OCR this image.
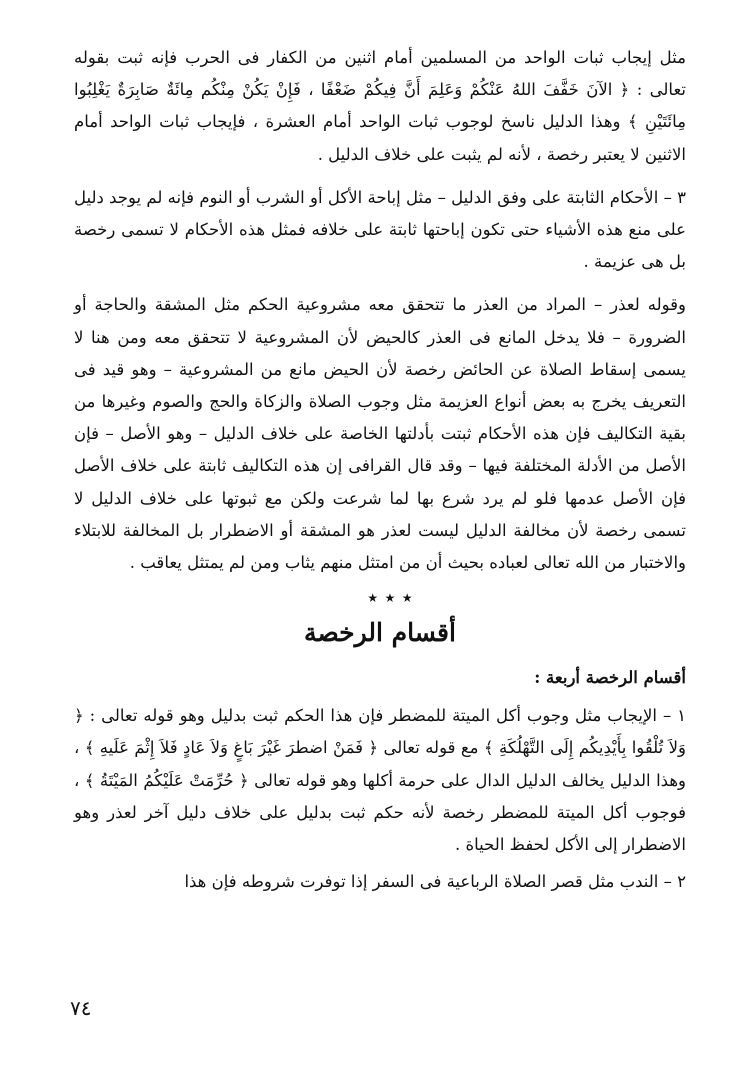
مثل إيجاب ثبات الواحد من المسلمين أمام اثنين من الكفار فى الحرب فإنه ثبت بقوله تعالى : ﴿ الآنَ خَفَّفَ اللهُ عَنْكُمْ وَعَلِمَ أَنَّ فِيكُمْ ضَعْفًا ، فَإِنْ يَكُنْ مِنْكُم مِائَةٌ صَابِرَةٌ يَغْلِبُوا مِائَتَيْنِ ﴾ وهذا الدليل ناسخ لوجوب ثبات الواحد أمام العشرة ، فإيجاب ثبات الواحد أمام الاثنين لا يعتبر رخصة ، لأنه لم يثبت على خلاف الدليل .

٣ – الأحكام الثابتة على وفق الدليل – مثل إباحة الأكل أو الشرب أو النوم فإنه لم يوجد دليل على منع هذه الأشياء حتى تكون إباحتها ثابتة على خلافه فمثل هذه الأحكام لا تسمى رخصة بل هى عزيمة .

وقوله لعذر – المراد من العذر ما تتحقق معه مشروعية الحكم مثل المشقة والحاجة أو الضرورة – فلا يدخل المانع فى العذر كالحيض لأن المشروعية لا تتحقق معه ومن هنا لا يسمى إسقاط الصلاة عن الحائض رخصة لأن الحيض مانع من المشروعية – وهو قيد فى التعريف يخرج به بعض أنواع العزيمة مثل وجوب الصلاة والزكاة والحج والصوم وغيرها من بقية التكاليف فإن هذه الأحكام ثبتت بأدلتها الخاصة على خلاف الدليل – وهو الأصل – فإن الأصل من الأدلة المختلفة فيها – وقد قال القرافى إن هذه التكاليف ثابتة على خلاف الأصل فإن الأصل عدمها فلو لم يرد شرع بها لما شرعت ولكن مع ثبوتها على خلاف الدليل لا تسمى رخصة لأن مخالفة الدليل ليست لعذر هو المشقة أو الاضطرار بل المخالفة للابتلاء والاختبار من الله تعالى لعباده بحيث أن من امتثل منهم يثاب ومن لم يمتثل يعاقب .

٭ ٭ ٭
أقسام الرخصة
أقسام الرخصة أربعة :

١ – الإيجاب مثل وجوب أكل الميتة للمضطر فإن هذا الحكم ثبت بدليل وهو قوله تعالى : ﴿ وَلاَ تُلْقُوا بِأَيْدِيكُم إِلَى التَّهْلُكَةِ ﴾ مع قوله تعالى ﴿ فَمَنْ اضطرَ غَيْرَ بَاغٍ وَلاَ عَادٍ فَلاَ إِثْمَ عَلَيهِ ﴾ ، وهذا الدليل يخالف الدليل الدال على حرمة أكلها وهو قوله تعالى ﴿ حُرِّمَتْ عَلَيْكُمُ المَيْتَةُ ﴾ ، فوجوب أكل الميتة للمضطر رخصة لأنه حكم ثبت بدليل على خلاف دليل آخر لعذر وهو الاضطرار إلى الأكل لحفظ الحياة .

٢ – الندب مثل قصر الصلاة الرباعية فى السفر إذا توفرت شروطه فإن هذا

٧٤
